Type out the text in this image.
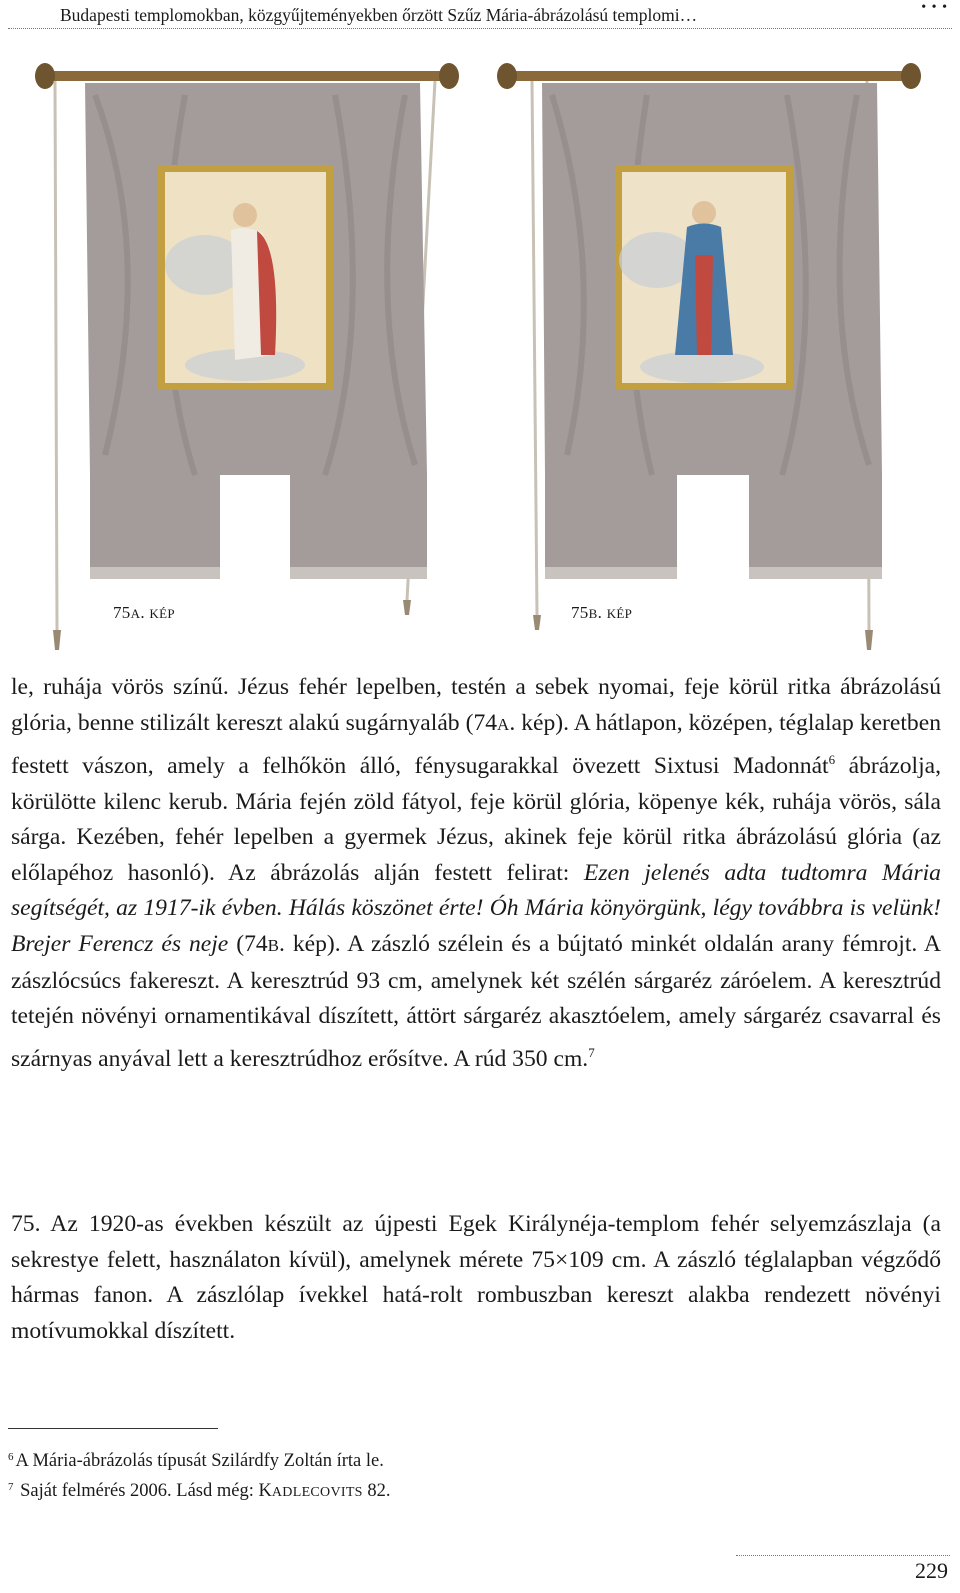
Budapesti templomokban, közgyűjteményekben őrzött Szűz Mária-ábrázolású templomi…	• • •
75A. KÉP	75B. KÉP

le, ruhája vörös színű. Jézus fehér lepelben, testén a sebek nyomai, feje körül ritka ábrázolású glória, benne stilizált kereszt alakú sugárnyaláb (74A. kép). A hátlapon, középen, téglalap keretben festett vászon, amely a felhőkön álló, fénysugarakkal övezett Sixtusi Madonnát$^6$ ábrázolja, körülötte kilenc kerub. Mária fején zöld fátyol, feje körül glória, köpenye kék, ruhája vörös, sála sárga. Kezében, fehér lepelben a gyermek Jézus, akinek feje körül ritka ábrázolású glória (az előlapéhoz hasonló). Az ábrázolás alján festett felirat: Ezen jelenés adta tudtomra Mária segítségét, az 1917-ik évben. Hálás köszönet érte! Óh Mária könyörgünk, légy továbbra is velünk! Brejer Ferencz és neje (74B. kép). A zászló szélein és a bújtató minkét oldalán arany fémrojt. A zászlócsúcs fakereszt. A keresztrúd 93 cm, amelynek két szélén sárgaréz záróelem. A keresztrúd tetején növényi ornamentikával díszített, áttört sárgaréz akasztóelem, amely sárgaréz csavarral és szárnyas anyával lett a keresztrúdhoz erősítve. A rúd 350 cm.$^7$

75. Az 1920-as években készült az újpesti Egek Királynéja-templom fehér selyemzászlaja (a sekrestye felett, használaton kívül), amelynek mérete 75×109 cm. A zászló téglalapban végződő hármas fanon. A zászlólap ívekkel hatá-rolt rombuszban kereszt alakba rendezett növényi motívumokkal díszített.

$^6$ A Mária-ábrázolás típusát Szilárdfy Zoltán írta le.
$^7$ Saját felmérés 2006. Lásd még: KADLECOVITS 82.
229
